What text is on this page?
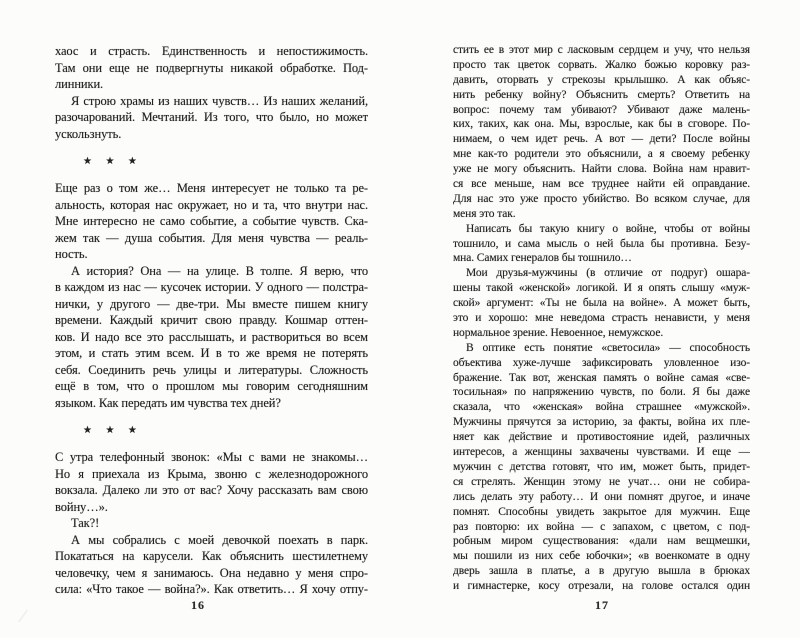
хаос и страсть. Единственность и непостижимость.
Там они еще не подвергнуты никакой обработке. Под-
линники.
Я строю храмы из наших чувств… Из наших желаний,
разочарований. Мечтаний. Из того, что было, но может
ускользнуть.
★ ★ ★
Еще раз о том же… Меня интересует не только та ре-
альность, которая нас окружает, но и та, что внутри нас.
Мне интересно не само событие, а событие чувств. Ска-
жем так — душа события. Для меня чувства — реаль-
ность.
А история? Она — на улице. В толпе. Я верю, что
в каждом из нас — кусочек истории. У одного — полстра-
нички, у другого — две-три. Мы вместе пишем книгу
времени. Каждый кричит свою правду. Кошмар оттен-
ков. И надо все это расслышать, и раствориться во всем
этом, и стать этим всем. И в то же время не потерять
себя. Соединить речь улицы и литературы. Сложность
ещё в том, что о прошлом мы говорим сегодняшним
языком. Как передать им чувства тех дней?
★ ★ ★
С утра телефонный звонок: «Мы с вами не знакомы…
Но я приехала из Крыма, звоню с железнодорожного
вокзала. Далеко ли это от вас? Хочу рассказать вам свою
войну…».
Так?!
А мы собрались с моей девочкой поехать в парк.
Покататься на карусели. Как объяснить шестилетнему
человечку, чем я занимаюсь. Она недавно у меня спро-
сила: «Что такое — война?». Как ответить… Я хочу отпу-
стить ее в этот мир с ласковым сердцем и учу, что нельзя
просто так цветок сорвать. Жалко божью коровку раз-
давить, оторвать у стрекозы крылышко. А как объяс-
нить ребенку войну? Объяснить смерть? Ответить на
вопрос: почему там убивают? Убивают даже малень-
ких, таких, как она. Мы, взрослые, как бы в сговоре. По-
нимаем, о чем идет речь. А вот — дети? После войны
мне как-то родители это объяснили, а я своему ребенку
уже не могу объяснить. Найти слова. Война нам нравит-
ся все меньше, нам все труднее найти ей оправдание.
Для нас это уже просто убийство. Во всяком случае, для
меня это так.
Написать бы такую книгу о войне, чтобы от войны
тошнило, и сама мысль о ней была бы противна. Безу-
мна. Самих генералов бы тошнило…
Мои друзья-мужчины (в отличие от подруг) ошара-
шены такой «женской» логикой. И я опять слышу «муж-
ской» аргумент: «Ты не была на войне». А может быть,
это и хорошо: мне неведома страсть ненависти, у меня
нормальное зрение. Невоенное, немужское.
В оптике есть понятие «светосила» — способность
объектива хуже-лучше зафиксировать уловленное изо-
бражение. Так вот, женская память о войне самая «све-
тосильная» по напряжению чувств, по боли. Я бы даже
сказала, что «женская» война страшнее «мужской».
Мужчины прячутся за историю, за факты, война их пле-
няет как действие и противостояние идей, различных
интересов, а женщины захвачены чувствами. И еще —
мужчин с детства готовят, что им, может быть, придет-
ся стрелять. Женщин этому не учат… они не собира-
лись делать эту работу… И они помнят другое, и иначе
помнят. Способны увидеть закрытое для мужчин. Еще
раз повторю: их война — с запахом, с цветом, с под-
робным миром существования: «дали нам вещмешки,
мы пошили из них себе юбочки»; «в военкомате в одну
дверь зашла в платье, а в другую вышла в брюках
и гимнастерке, косу отрезали, на голове остался один
16	17
